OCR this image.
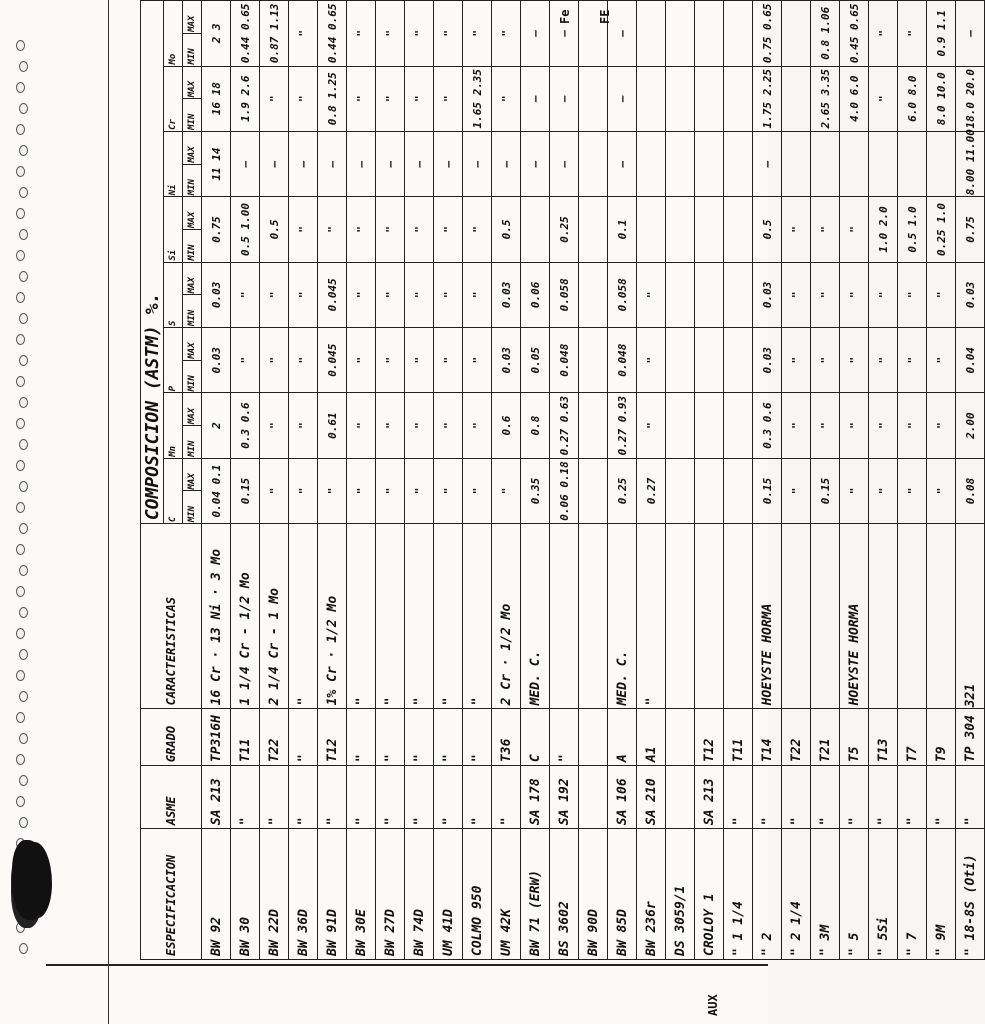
ESPECIFICACION	ASME	GRADO	CARACTERISTICAS	COMPOSICION (ASTM) %.															
				C		Mn		P		S		Si		Ni		Cr		Mo	
				MIN	MAX	MIN	MAX	MIN	MAX	MIN	MAX	MIN	MAX	MIN	MAX	MIN	MAX	MIN	MAX
BW 92	SA 213	TP316H	16 Cr · 13 Ni · 3 Mo	0.04 0.1		2		0.03		0.03		0.75		11 14		16 18		2 3	
BW 30	"	T11	1 1/4 Cr - 1/2 Mo	0.15		0.3 0.6		"		"		0.5 1.00		—		1.9 2.6		0.44 0.65	
BW 22D	"	T22	2 1/4 Cr - 1 Mo	"		"		"		"		0.5		—		"		0.87 1.13	
BW 36D	"	"	"	"		"		"		"		"		—		"		"	
BW 91D	"	T12	1% Cr · 1/2 Mo	"		0.61		0.045		0.045		"		—		0.8 1.25		0.44 0.65	
BW 30E	"	"	"	"		"		"		"		"		—		"		"	
BW 27D	"	"	"	"		"		"		"		"		—		"		"	
BW 74D	"	"	"	"		"		"		"		"		—		"		"	
UM 41D	"	"	"	"		"		"		"		"		—		"		"	
COLMO 950	"	"	"	"		"		"		"		"		—		1.65 2.35		"	
UM 42K	"	T36	2 Cr · 1/2 Mo	"		0.6		0.03		0.03		0.5		—		"		"	
BW 71 (ERW)	SA 178	C	MED. C.	0.35		0.8		0.05		0.06				—		—		—	
BS 3602	SA 192	"		0.06 0.18		0.27 0.63		0.048		0.058		0.25		—		—		—	
BW 90D																			
BW 85D	SA 106	A	MED. C.	0.25		0.27 0.93		0.048		0.058		0.1		—		—		—	
BW 236r	SA 210	A1	"	0.27		"		"		"									
DS 3059/1																			
CROLOY 1	SA 213	T12																	
" 1 1/4	"	T11																	
" 2	"	T14	HOEYSTE HORMA	0.15		0.3 0.6		0.03		0.03		0.5		—		1.75 2.25		0.75 0.65	
" 2 1/4	"	T22		"		"		"		"		"							
" 3M	"	T21		0.15		"		"		"		"				2.65 3.35		0.8 1.06	
" 5	"	T5	HOEYSTE HORMA	"		"		"		"		"				4.0 6.0		0.45 0.65	
" 5Si	"	T13		"		"		"		"		1.0 2.0				"		"	
" 7	"	T7		"		"		"		"		0.5 1.0				6.0 8.0		"	
" 9M	"	T9		"		"		"		"		0.25 1.0				8.0 10.0		0.9 1.1	
" 18-8S (Oti)	"	TP 304 321		0.08		2.00		0.04		0.03		0.75		8.00 11.00		18.0 20.0		—	
Fe FE
AUX
